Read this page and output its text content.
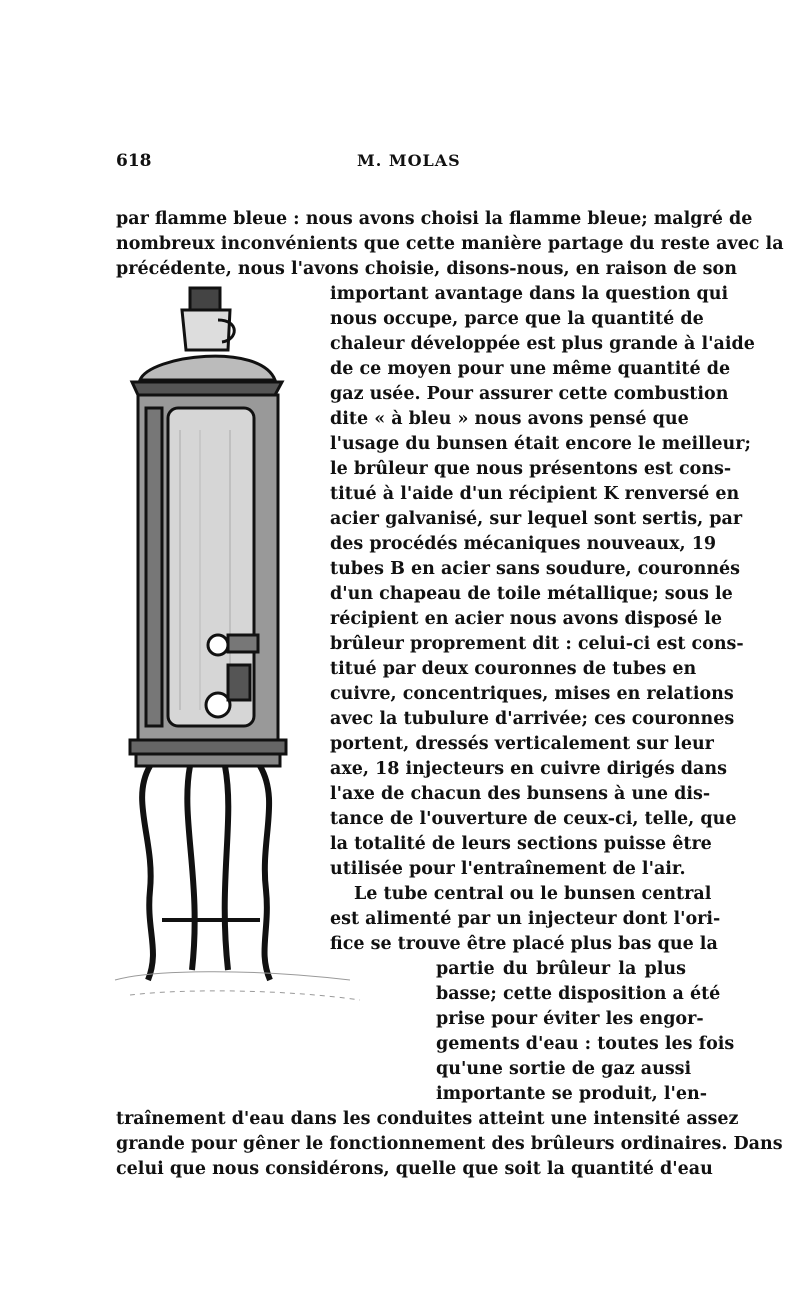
618	M. MOLAS
par flamme bleue : nous avons choisi la flamme bleue; malgré de
nombreux inconvénients que cette manière partage du reste avec la
précédente, nous l'avons choisie, disons-nous, en raison de son
important avantage dans la question qui
nous occupe, parce que la quantité de
chaleur développée est plus grande à l'aide
de ce moyen pour une même quantité de
gaz usée. Pour assurer cette combustion
dite « à bleu » nous avons pensé que
l'usage du bunsen était encore le meilleur;
le brûleur que nous présentons est cons-
titué à l'aide d'un récipient K renversé en
acier galvanisé, sur lequel sont sertis, par
des procédés mécaniques nouveaux, 19
tubes B en acier sans soudure, couronnés
d'un chapeau de toile métallique; sous le
récipient en acier nous avons disposé le
brûleur proprement dit : celui-ci est cons-
titué par deux couronnes de tubes en
cuivre, concentriques, mises en relations
avec la tubulure d'arrivée; ces couronnes
portent, dressés verticalement sur leur
axe, 18 injecteurs en cuivre dirigés dans
l'axe de chacun des bunsens à une dis-
tance de l'ouverture de ceux-ci, telle, que
la totalité de leurs sections puisse être
utilisée pour l'entraînement de l'air.
Le tube central ou le bunsen central
est alimenté par un injecteur dont l'ori-
fice se trouve être placé plus bas que la
partie du brûleur la plus
basse; cette disposition a été
prise pour éviter les engor-
gements d'eau : toutes les fois
qu'une sortie de gaz aussi
importante se produit, l'en-
traînement d'eau dans les conduites atteint une intensité assez
grande pour gêner le fonctionnement des brûleurs ordinaires. Dans
celui que nous considérons, quelle que soit la quantité d'eau
